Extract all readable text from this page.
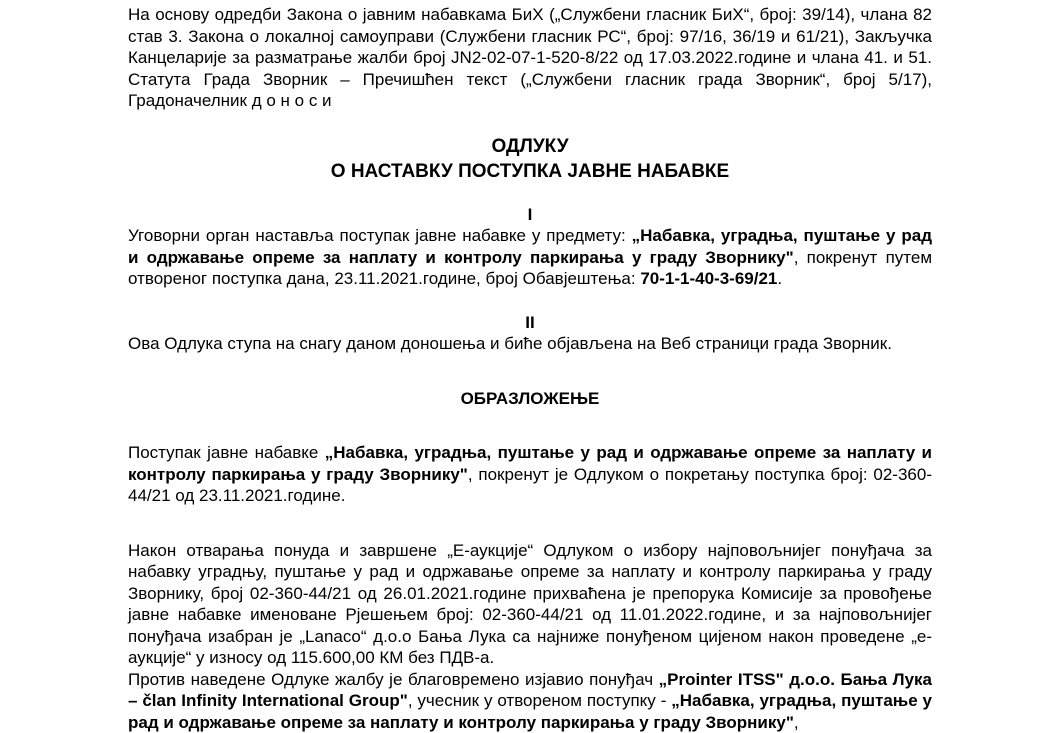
На основу одредби Закона о јавним набавкама БиХ („Службени гласник БиХ“, број: 39/14), члана 82 став 3. Закона о локалној самоуправи (Службени гласник РС“, број: 97/16, 36/19 и 61/21), Закључка Канцеларије за разматрање жалби број JN2-02-07-1-520-8/22 од 17.03.2022.године и члана 41. и 51. Статута Града Зворник – Пречишћен текст („Службени гласник града Зворник“, број 5/17), Градоначелник д о н о с и

ОДЛУКУ

О НАСТАВКУ ПОСТУПКА ЈАВНЕ НАБАВКЕ

I

Уговорни орган наставља поступак јавне набавке у предмету: „Набавка, уградња, пуштање у рад и одржавање опреме за наплату и контролу паркирања у граду Зворнику", покренут путем отвореног поступка дана, 23.11.2021.године, број Обавјештења: 70-1-1-40-3-69/21.

II

Ова Одлука ступа на снагу даном доношења и биће објављена на Веб страници града Зворник.

ОБРАЗЛОЖЕЊЕ

Поступак јавне набавке „Набавка, уградња, пуштање у рад и одржавање опреме за наплату и контролу паркирања у граду Зворнику", покренут је Одлуком о покретању поступка број: 02-360-44/21 од 23.11.2021.године.

Након отварања понуда и завршене „Е-аукције“ Одлуком о избору најповољнијег понуђача за набавку уградњу, пуштање у рад и одржавање опреме за наплату и контролу паркирања у граду Зворнику, број 02-360-44/21 од 26.01.2021.године прихваћена је препорука Комисије за провођење јавне набавке именоване Рјешењем број: 02-360-44/21 од 11.01.2022.године, и за најповољнијег понуђача изабран је „Lanaco“ д.о.о Бања Лука са најниже понуђеном цијеном након проведене „е-аукције“ у износу од 115.600,00 КМ без ПДВ-а.

Против наведене Одлуке жалбу је благовремено изјавио понуђач „Prointer ITSS" д.о.о. Бања Лука – član Infinity International Group", учесник у отвореном поступку - „Набавка, уградња, пуштање у рад и одржавање опреме за наплату и контролу паркирања у граду Зворнику",
